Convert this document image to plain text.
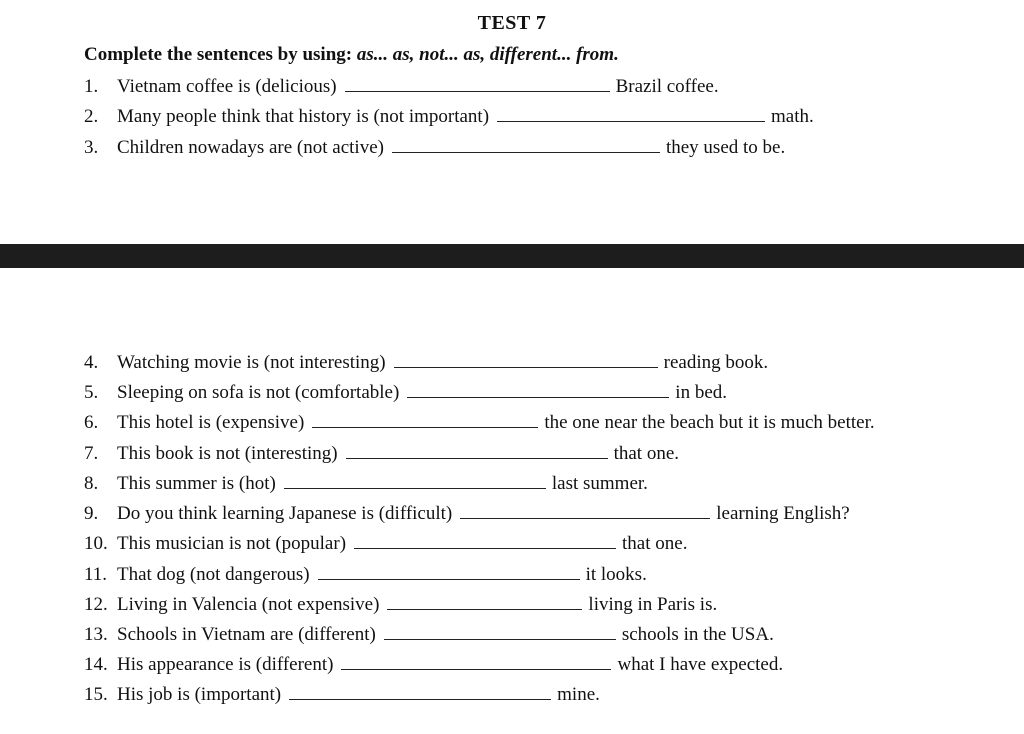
TEST 7
Complete the sentences by using: as... as, not... as, different... from.
1. Vietnam coffee is (delicious)	Brazil coffee.
2. Many people think that history is (not important)	math.
3. Children nowadays are (not active)	they used to be.
4. Watching movie is (not interesting)	reading book.
5. Sleeping on sofa is not (comfortable)	in bed.
6. This hotel is (expensive)	the one near the beach but it is much better.
7. This book is not (interesting)	that one.
8. This summer is (hot)	last summer.
9. Do you think learning Japanese is (difficult)	learning English?
10. This musician is not (popular)	that one.
11. That dog (not dangerous)	it looks.
12. Living in Valencia (not expensive)	living in Paris is.
13. Schools in Vietnam are (different)	schools in the USA.
14. His appearance is (different)	what I have expected.
15. His job is (important)	mine.
